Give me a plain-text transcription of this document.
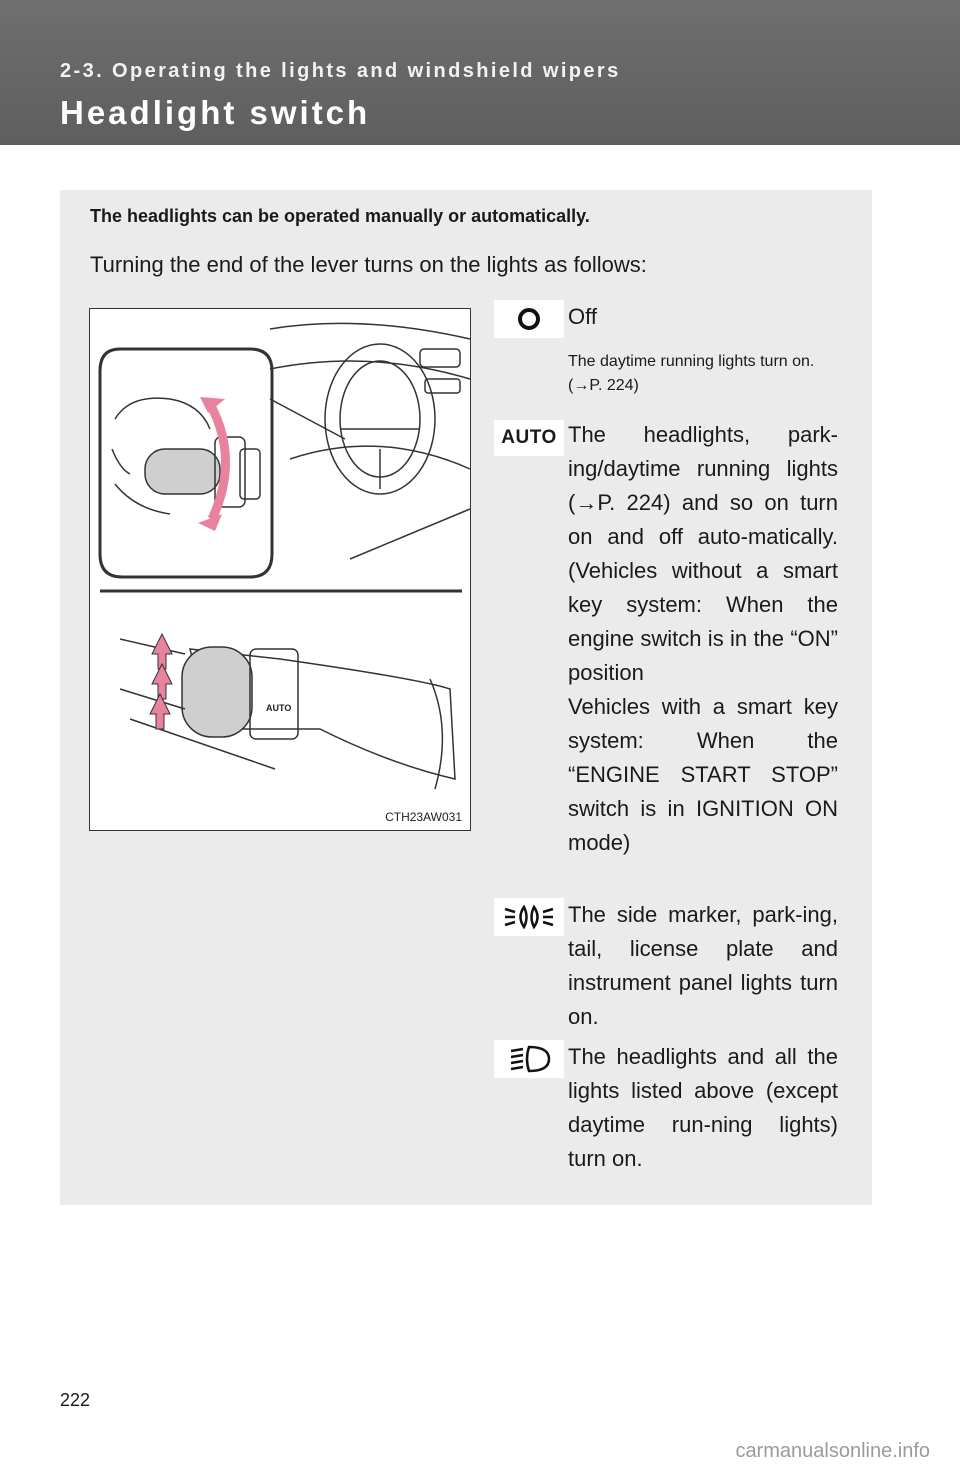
2-3. Operating the lights and windshield wipers
Headlight switch
The headlights can be operated manually or automatically.
Turning the end of the lever turns on the lights as follows:
AUTO
CTH23AW031
Off
The daytime running lights turn on. (→P. 224)
AUTO The headlights, park-ing/daytime running lights (→P. 224) and so on turn on and off auto-matically. (Vehicles without a smart key system: When the engine switch is in the “ON” position
Vehicles with a smart key system: When the “ENGINE START STOP” switch is in IGNITION ON mode)
The side marker, park-ing, tail, license plate and instrument panel lights turn on.
The headlights and all the lights listed above (except daytime run-ning lights) turn on.
222
carmanualsonline.info
